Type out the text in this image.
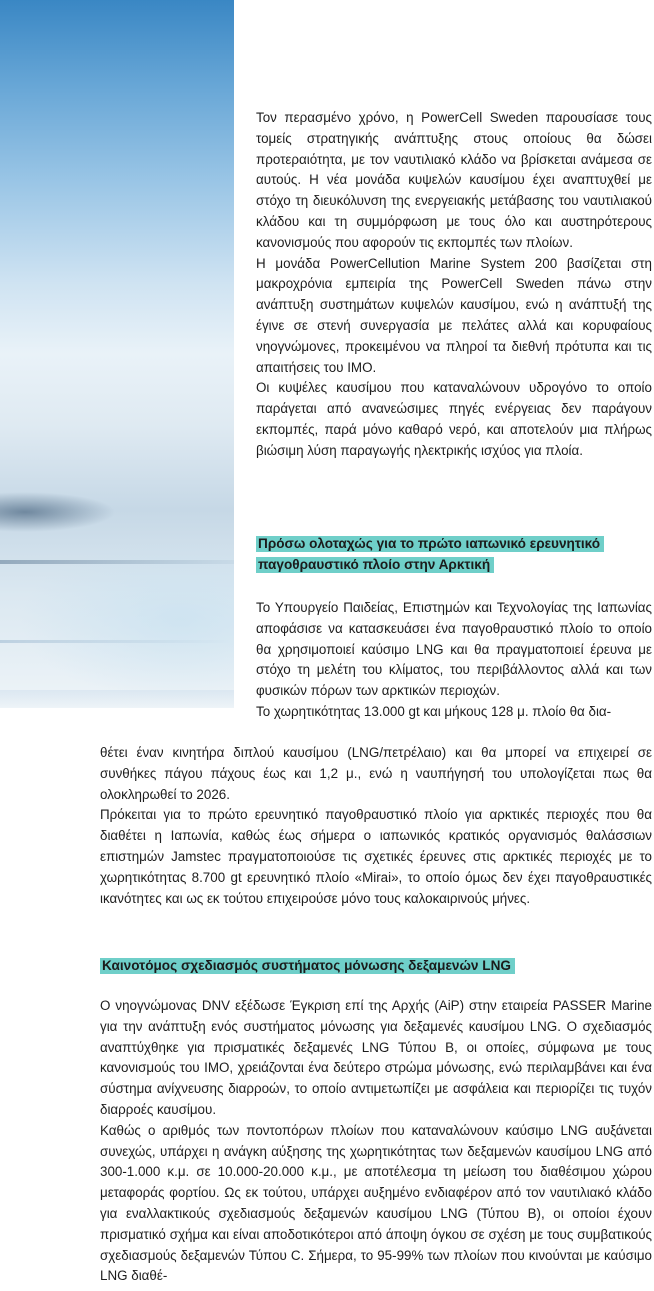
Τον περασμένο χρόνο, η PowerCell Sweden παρουσίασε τους τομείς στρατηγικής ανάπτυξης στους οποίους θα δώσει προτεραιότητα, με τον ναυτιλιακό κλάδο να βρίσκεται ανάμεσα σε αυτούς. Η νέα μονάδα κυψελών καυσίμου έχει αναπτυχθεί με στόχο τη διευκόλυνση της ενεργειακής μετάβασης του ναυτιλιακού κλάδου και τη συμμόρφωση με τους όλο και αυστηρότερους κανονισμούς που αφορούν τις εκπομπές των πλοίων.

Η μονάδα PowerCellution Marine System 200 βασίζεται στη μακροχρόνια εμπειρία της PowerCell Sweden πάνω στην ανάπτυξη συστημάτων κυψελών καυσίμου, ενώ η ανάπτυξή της έγινε σε στενή συνεργασία με πελάτες αλλά και κορυφαίους νηογνώμονες, προκειμένου να πληροί τα διεθνή πρότυπα και τις απαιτήσεις του IMO.

Οι κυψέλες καυσίμου που καταναλώνουν υδρογόνο το οποίο παράγεται από ανανεώσιμες πηγές ενέργειας δεν παράγουν εκπομπές, παρά μόνο καθαρό νερό, και αποτελούν μια πλήρως βιώσιμη λύση παραγωγής ηλεκτρικής ισχύος για πλοία.

Πρόσω ολοταχώς για το πρώτο ιαπωνικό ερευνητικό παγοθραυστικό πλοίο στην Αρκτική

Το Υπουργείο Παιδείας, Επιστημών και Τεχνολογίας της Ιαπωνίας αποφάσισε να κατασκευάσει ένα παγοθραυστικό πλοίο το οποίο θα χρησιμοποιεί καύσιμο LNG και θα πραγματοποιεί έρευνα με στόχο τη μελέτη του κλίματος, του περιβάλλοντος αλλά και των φυσικών πόρων των αρκτικών περιοχών.

Το χωρητικότητας 13.000 gt και μήκους 128 μ. πλοίο θα δια-

θέτει έναν κινητήρα διπλού καυσίμου (LNG/πετρέλαιο) και θα μπορεί να επιχειρεί σε συνθήκες πάγου πάχους έως και 1,2 μ., ενώ η ναυπήγησή του υπολογίζεται πως θα ολοκληρωθεί το 2026.

Πρόκειται για το πρώτο ερευνητικό παγοθραυστικό πλοίο για αρκτικές περιοχές που θα διαθέτει η Ιαπωνία, καθώς έως σήμερα ο ιαπωνικός κρατικός οργανισμός θαλάσσιων επιστημών Jamstec πραγματοποιούσε τις σχετικές έρευνες στις αρκτικές περιοχές με το χωρητικότητας 8.700 gt ερευνητικό πλοίο «Mirai», το οποίο όμως δεν έχει παγοθραυστικές ικανότητες και ως εκ τούτου επιχειρούσε μόνο τους καλοκαιρινούς μήνες.

Καινοτόμος σχεδιασμός συστήματος μόνωσης δεξαμενών LNG

Ο νηογνώμονας DNV εξέδωσε Έγκριση επί της Αρχής (AiP) στην εταιρεία PASSER Marine για την ανάπτυξη ενός συστήματος μόνωσης για δεξαμενές καυσίμου LNG. Ο σχεδιασμός αναπτύχθηκε για πρισματικές δεξαμενές LNG Τύπου B, οι οποίες, σύμφωνα με τους κανονισμούς του IMO, χρειάζονται ένα δεύτερο στρώμα μόνωσης, ενώ περιλαμβάνει και ένα σύστημα ανίχνευσης διαρροών, το οποίο αντιμετωπίζει με ασφάλεια και περιορίζει τις τυχόν διαρροές καυσίμου.

Καθώς ο αριθμός των ποντοπόρων πλοίων που καταναλώνουν καύσιμο LNG αυξάνεται συνεχώς, υπάρχει η ανάγκη αύξησης της χωρητικότητας των δεξαμενών καυσίμου LNG από 300-1.000 κ.μ. σε 10.000-20.000 κ.μ., με αποτέλεσμα τη μείωση του διαθέσιμου χώρου μεταφοράς φορτίου. Ως εκ τούτου, υπάρχει αυξημένο ενδιαφέρον από τον ναυτιλιακό κλάδο για εναλλακτικούς σχεδιασμούς δεξαμενών καυσίμου LNG (Τύπου B), οι οποίοι έχουν πρισματικό σχήμα και είναι αποδοτικότεροι από άποψη όγκου σε σχέση με τους συμβατικούς σχεδιασμούς δεξαμενών Τύπου C. Σήμερα, το 95-99% των πλοίων που κινούνται με καύσιμο LNG διαθέ-
